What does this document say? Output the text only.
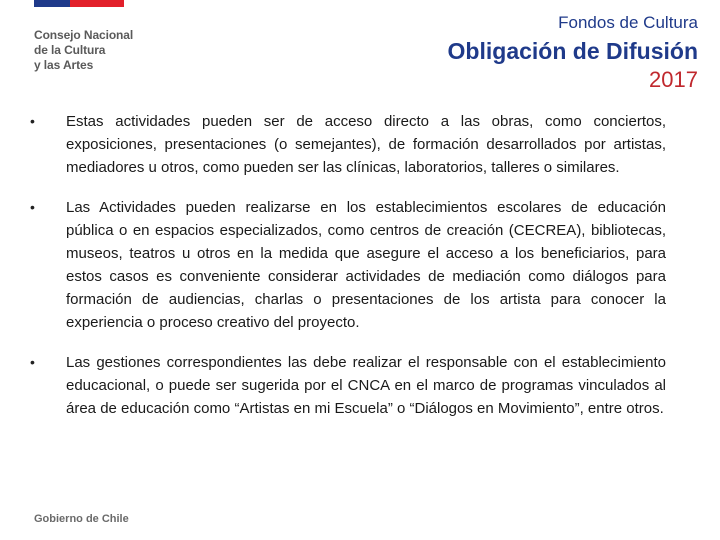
Consejo Nacional
de la Cultura
y las Artes
Fondos de Cultura
Obligación de Difusión
2017
•	Estas actividades pueden ser de acceso directo a las obras, como conciertos, exposiciones, presentaciones (o semejantes), de formación desarrollados por artistas, mediadores u otros, como pueden ser las clínicas, laboratorios, talleres o similares.
•	Las Actividades pueden realizarse en los establecimientos escolares de educación pública o en espacios especializados, como centros de creación (CECREA), bibliotecas, museos, teatros u otros en la medida que asegure el acceso a los beneficiarios, para estos casos es conveniente considerar actividades de mediación como diálogos para formación de audiencias, charlas o presentaciones de los artista para conocer la experiencia o proceso creativo del proyecto.
•	Las gestiones correspondientes las debe realizar el responsable con el establecimiento educacional, o puede ser sugerida por el CNCA en el marco de programas vinculados al área de educación como “Artistas en mi Escuela” o “Diálogos en Movimiento”, entre otros.
Gobierno de Chile
